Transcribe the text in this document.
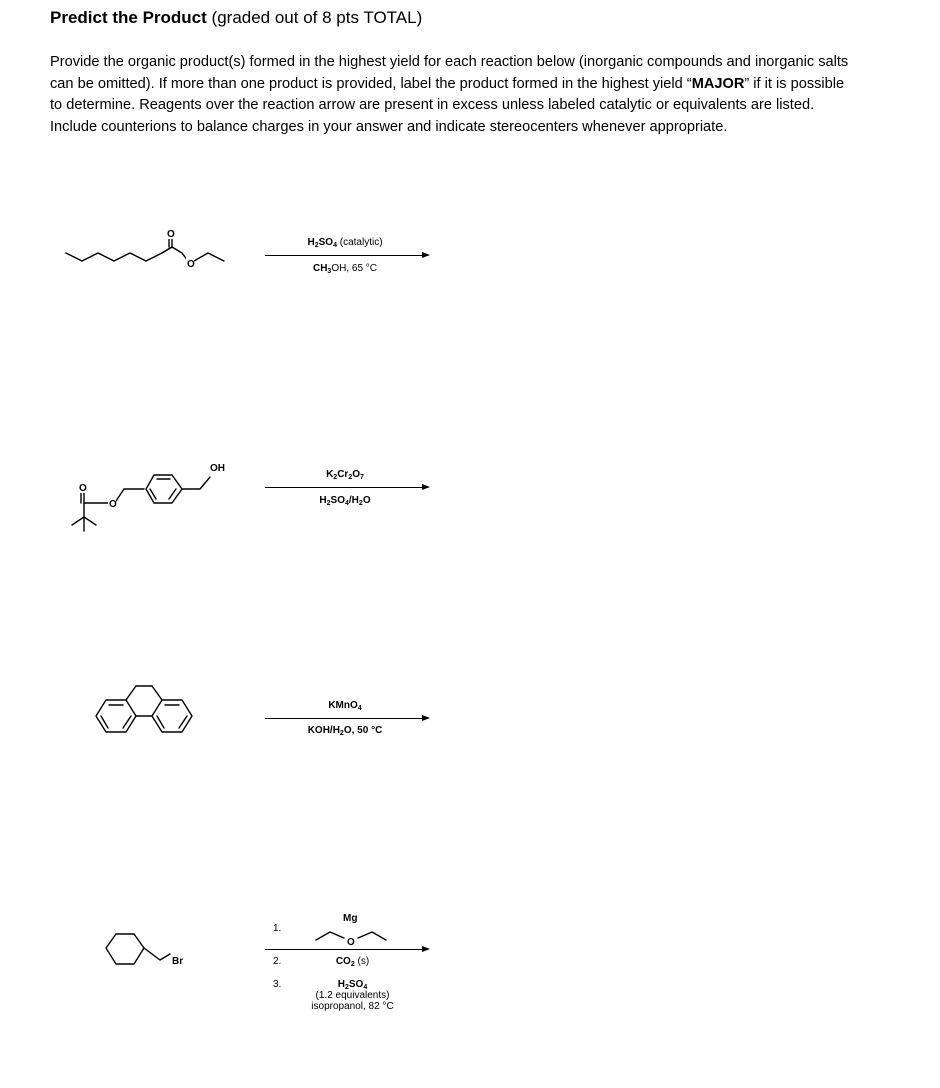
Predict the Product (graded out of 8 pts TOTAL)
Provide the organic product(s) formed in the highest yield for each reaction below (inorganic compounds and inorganic salts can be omitted). If more than one product is provided, label the product formed in the highest yield “MAJOR” if it is possible to determine. Reagents over the reaction arrow are present in excess unless labeled catalytic or equivalents are listed. Include counterions to balance charges in your answer and indicate stereocenters whenever appropriate.
O
O
$H_2SO_4$ (catalytic)
$CH_3OH$, 65 °C
O
O
OH
$K_2Cr_2O_7$
$H_2SO_4/H_2O$
KMnO$_4$
KOH/$H_2O$, 50 °C
Br
1.
2.
3.
Mg
O
$CO_2$ (s)
$H_2SO_4$
(1.2 equivalents)
isopropanol, 82 °C
